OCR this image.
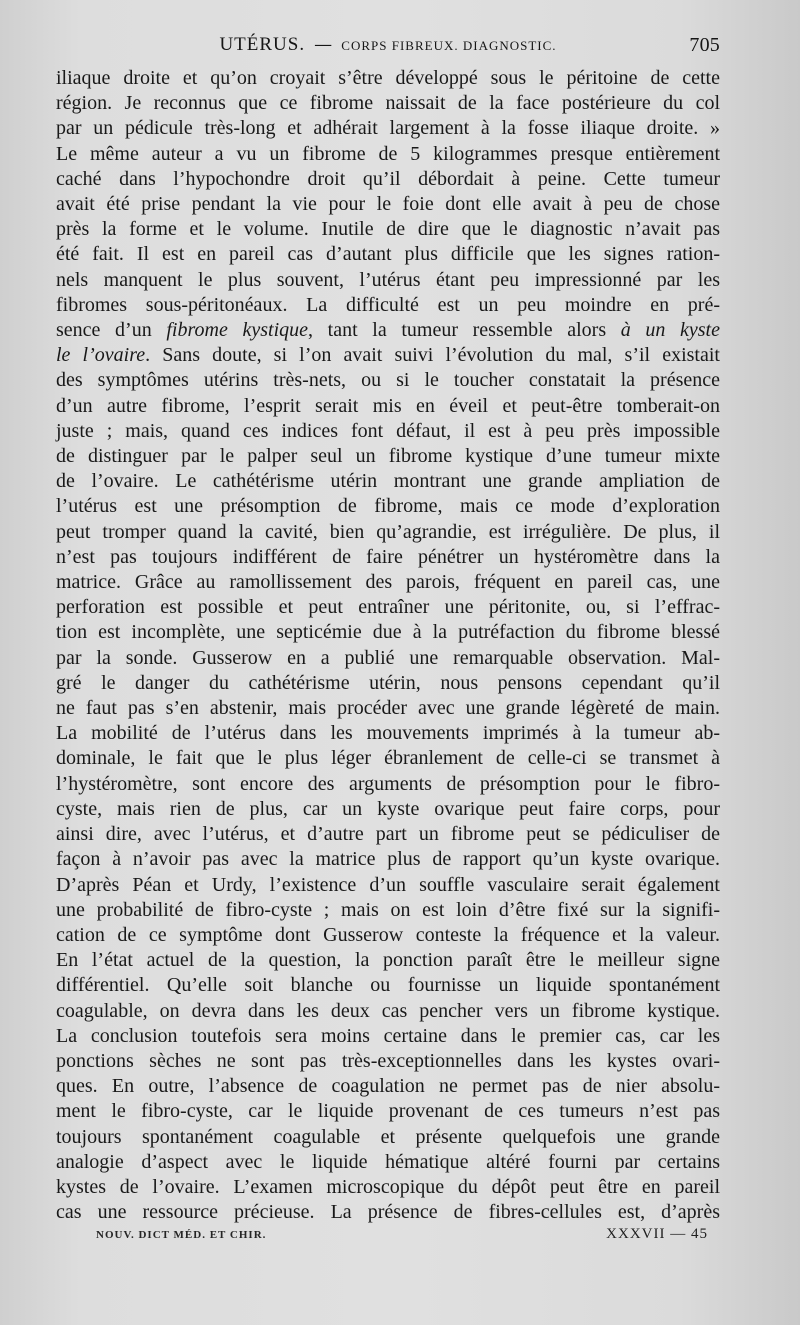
UTÉRUS. — CORPS FIBREUX. DIAGNOSTIC.	705
iliaque droite et qu’on croyait s’être développé sous le péritoine de cette
région. Je reconnus que ce fibrome naissait de la face postérieure du col
par un pédicule très-long et adhérait largement à la fosse iliaque droite. »
Le même auteur a vu un fibrome de 5 kilogrammes presque entièrement
caché dans l’hypochondre droit qu’il débordait à peine. Cette tumeur
avait été prise pendant la vie pour le foie dont elle avait à peu de chose
près la forme et le volume. Inutile de dire que le diagnostic n’avait pas
été fait. Il est en pareil cas d’autant plus difficile que les signes ration-
nels manquent le plus souvent, l’utérus étant peu impressionné par les
fibromes sous-péritonéaux. La difficulté est un peu moindre en pré-
sence d’un fibrome kystique, tant la tumeur ressemble alors à un kyste
le l’ovaire. Sans doute, si l’on avait suivi l’évolution du mal, s’il existait
des symptômes utérins très-nets, ou si le toucher constatait la présence
d’un autre fibrome, l’esprit serait mis en éveil et peut-être tomberait-on
juste ; mais, quand ces indices font défaut, il est à peu près impossible
de distinguer par le palper seul un fibrome kystique d’une tumeur mixte
de l’ovaire. Le cathétérisme utérin montrant une grande ampliation de
l’utérus est une présomption de fibrome, mais ce mode d’exploration
peut tromper quand la cavité, bien qu’agrandie, est irrégulière. De plus, il
n’est pas toujours indifférent de faire pénétrer un hystéromètre dans la
matrice. Grâce au ramollissement des parois, fréquent en pareil cas, une
perforation est possible et peut entraîner une péritonite, ou, si l’effrac-
tion est incomplète, une septicémie due à la putréfaction du fibrome blessé
par la sonde. Gusserow en a publié une remarquable observation. Mal-
gré le danger du cathétérisme utérin, nous pensons cependant qu’il
ne faut pas s’en abstenir, mais procéder avec une grande légèreté de main.
La mobilité de l’utérus dans les mouvements imprimés à la tumeur ab-
dominale, le fait que le plus léger ébranlement de celle-ci se transmet à
l’hystéromètre, sont encore des arguments de présomption pour le fibro-
cyste, mais rien de plus, car un kyste ovarique peut faire corps, pour
ainsi dire, avec l’utérus, et d’autre part un fibrome peut se pédiculiser de
façon à n’avoir pas avec la matrice plus de rapport qu’un kyste ovarique.
D’après Péan et Urdy, l’existence d’un souffle vasculaire serait également
une probabilité de fibro-cyste ; mais on est loin d’être fixé sur la signifi-
cation de ce symptôme dont Gusserow conteste la fréquence et la valeur.
En l’état actuel de la question, la ponction paraît être le meilleur signe
différentiel. Qu’elle soit blanche ou fournisse un liquide spontanément
coagulable, on devra dans les deux cas pencher vers un fibrome kystique.
La conclusion toutefois sera moins certaine dans le premier cas, car les
ponctions sèches ne sont pas très-exceptionnelles dans les kystes ovari-
ques. En outre, l’absence de coagulation ne permet pas de nier absolu-
ment le fibro-cyste, car le liquide provenant de ces tumeurs n’est pas
toujours spontanément coagulable et présente quelquefois une grande
analogie d’aspect avec le liquide hématique altéré fourni par certains
kystes de l’ovaire. L’examen microscopique du dépôt peut être en pareil
cas une ressource précieuse. La présence de fibres-cellules est, d’après
NOUV. DICT MÉD. ET CHIR.	XXXVII — 45
